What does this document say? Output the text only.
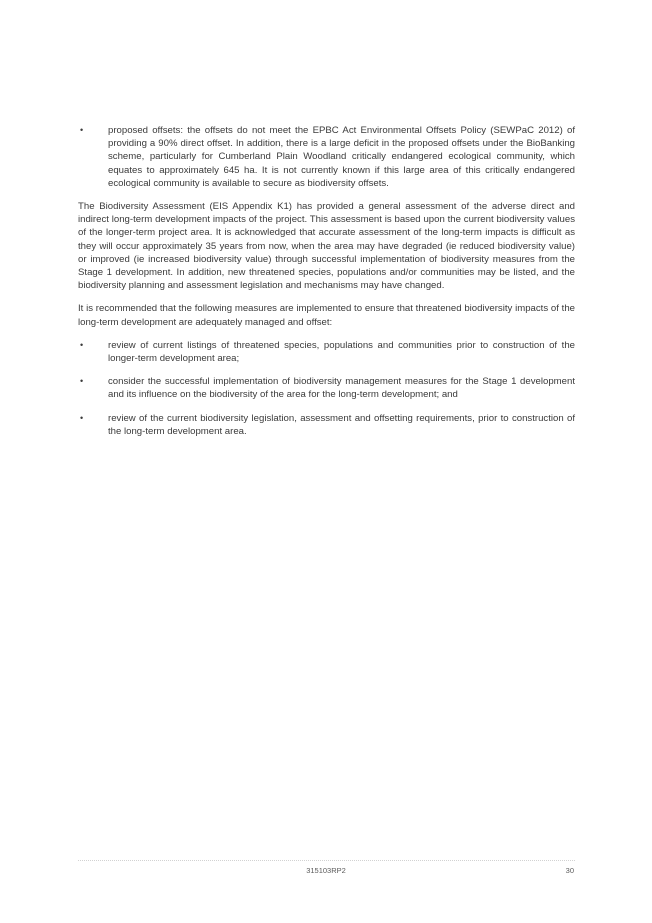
•	proposed offsets: the offsets do not meet the EPBC Act Environmental Offsets Policy (SEWPaC 2012) of providing a 90% direct offset. In addition, there is a large deficit in the proposed offsets under the BioBanking scheme, particularly for Cumberland Plain Woodland critically endangered ecological community, which equates to approximately 645 ha. It is not currently known if this large area of this critically endangered ecological community is available to secure as biodiversity offsets.

The Biodiversity Assessment (EIS Appendix K1) has provided a general assessment of the adverse direct and indirect long-term development impacts of the project. This assessment is based upon the current biodiversity values of the longer-term project area. It is acknowledged that accurate assessment of the long-term impacts is difficult as they will occur approximately 35 years from now, when the area may have degraded (ie reduced biodiversity value) or improved (ie increased biodiversity value) through successful implementation of biodiversity measures from the Stage 1 development. In addition, new threatened species, populations and/or communities may be listed, and the biodiversity planning and assessment legislation and mechanisms may have changed.

It is recommended that the following measures are implemented to ensure that threatened biodiversity impacts of the long-term development are adequately managed and offset:

•	review of current listings of threatened species, populations and communities prior to construction of the longer-term development area;
•	consider the successful implementation of biodiversity management measures for the Stage 1 development and its influence on the biodiversity of the area for the long-term development; and
•	review of the current biodiversity legislation, assessment and offsetting requirements, prior to construction of the long-term development area.
315103RP2	30
